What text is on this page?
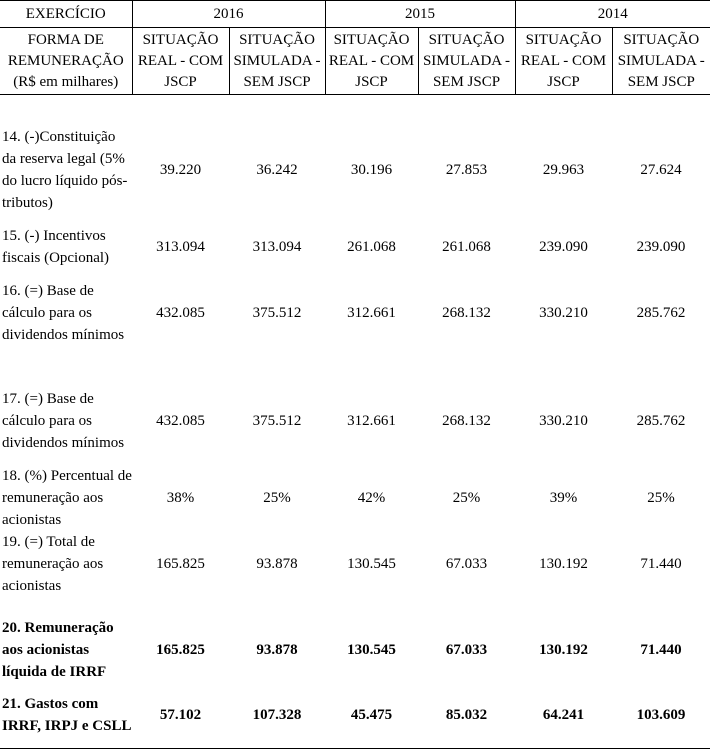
EXERCÍCIO	2016		2015		2014	
FORMA DE REMUNERAÇÃO (R$ em milhares)	SITUAÇÃO REAL - COM JSCP	SITUAÇÃO SIMULADA - SEM JSCP	SITUAÇÃO REAL - COM JSCP	SITUAÇÃO SIMULADA - SEM JSCP	SITUAÇÃO REAL - COM JSCP	SITUAÇÃO SIMULADA - SEM JSCP

14. (-)Constituição da reserva legal (5% do lucro líquido pós-tributos)	39.220	36.242	30.196	27.853	29.963	27.624
15. (-) Incentivos fiscais (Opcional)	313.094	313.094	261.068	261.068	239.090	239.090
16. (=) Base de cálculo para os dividendos mínimos	432.085	375.512	312.661	268.132	330.210	285.762

17. (=) Base de cálculo para os dividendos mínimos	432.085	375.512	312.661	268.132	330.210	285.762
18. (%) Percentual de remuneração aos acionistas	38%	25%	42%	25%	39%	25%
19. (=) Total de remuneração aos acionistas	165.825	93.878	130.545	67.033	130.192	71.440

20. Remuneração aos acionistas líquida de IRRF	165.825	93.878	130.545	67.033	130.192	71.440
21. Gastos com IRRF, IRPJ e CSLL	57.102	107.328	45.475	85.032	64.241	103.609
